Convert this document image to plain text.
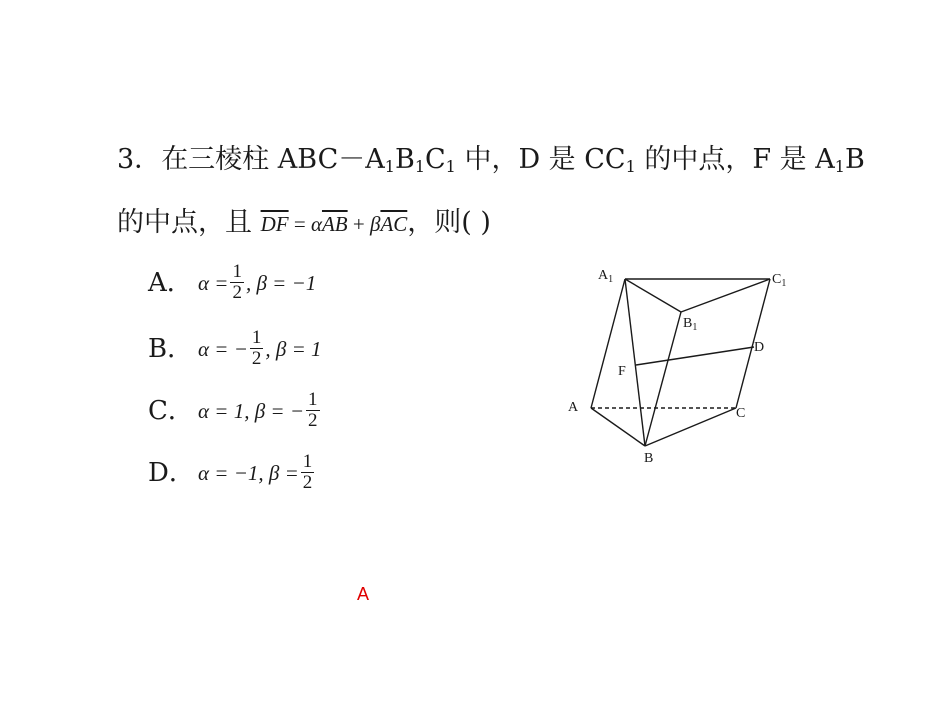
3．在三棱柱 $ABC-A_1B_1C_1$ 中，D 是 $CC_1$ 的中点，F 是 $A_1B$
的中点，且 $\overline{DF} = \alpha\overline{AB} + \beta\overline{AC}$，则( )
A． $\alpha = \frac{1}{2}$ , β = −1
B． α = − $\frac{1}{2}$ , β = 1
C． α = 1, β = − $\frac{1}{2}$
D． α = −1, $\beta = \frac{1}{2}$
$A_1$	$C_1$
$B_1$
D
F
A	C
B
A
